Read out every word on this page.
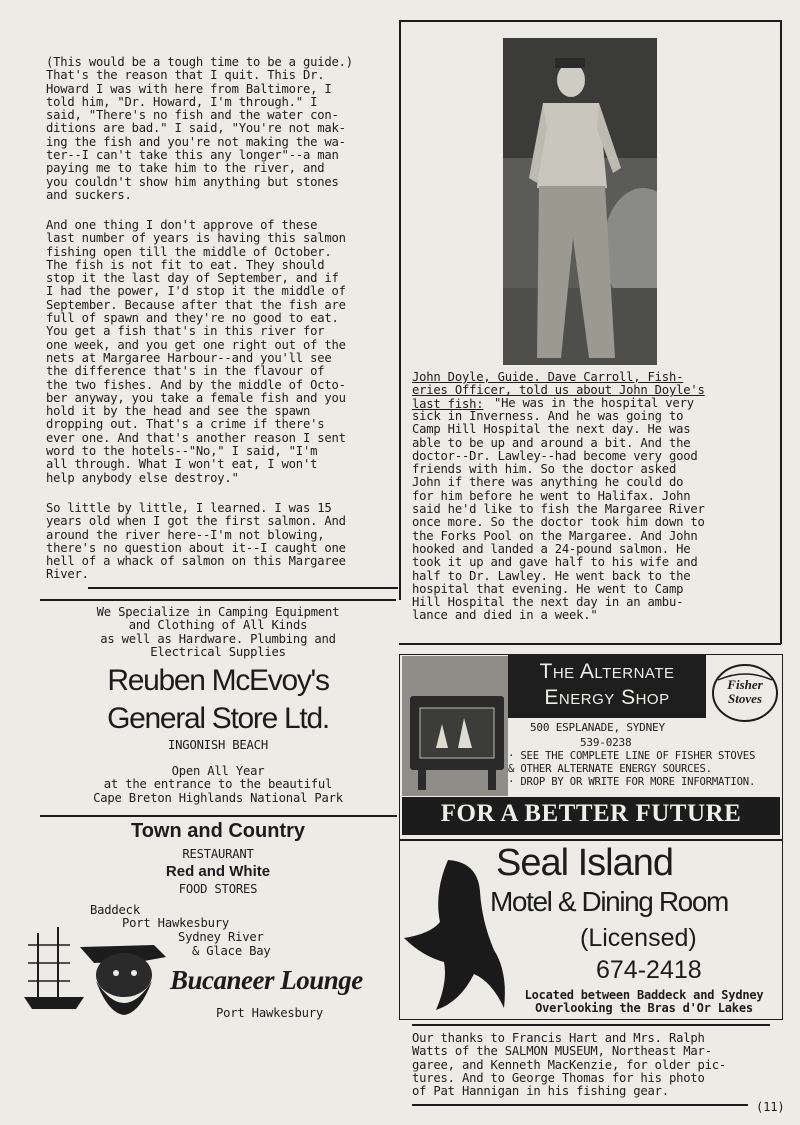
(This would be a tough time to be a guide.)
That's the reason that I quit. This Dr.
Howard I was with here from Baltimore, I
told him, "Dr. Howard, I'm through." I
said, "There's no fish and the water con-
ditions are bad." I said, "You're not mak-
ing the fish and you're not making the wa-
ter--I can't take this any longer"--a man
paying me to take him to the river, and
you couldn't show him anything but stones
and suckers.
And one thing I don't approve of these
last number of years is having this salmon
fishing open till the middle of October.
The fish is not fit to eat. They should
stop it the last day of September, and if
I had the power, I'd stop it the middle of
September. Because after that the fish are
full of spawn and they're no good to eat.
You get a fish that's in this river for
one week, and you get one right out of the
nets at Margaree Harbour--and you'll see
the difference that's in the flavour of
the two fishes. And by the middle of Octo-
ber anyway, you take a female fish and you
hold it by the head and see the spawn
dropping out. That's a crime if there's
ever one. And that's another reason I sent
word to the hotels--"No," I said, "I'm
all through. What I won't eat, I won't
help anybody else destroy."
So little by little, I learned. I was 15
years old when I got the first salmon. And
around the river here--I'm not blowing,
there's no question about it--I caught one
hell of a whack of salmon on this Margaree
River.
John Doyle, Guide. Dave Carroll, Fish-
eries Officer, told us about John Doyle's
last fish: "He was in the hospital very
sick in Inverness. And he was going to
Camp Hill Hospital the next day. He was
able to be up and around a bit. And the
doctor--Dr. Lawley--had become very good
friends with him. So the doctor asked
John if there was anything he could do
for him before he went to Halifax. John
said he'd like to fish the Margaree River
once more. So the doctor took him down to
the Forks Pool on the Margaree. And John
hooked and landed a 24-pound salmon. He
took it up and gave half to his wife and
half to Dr. Lawley. He went back to the
hospital that evening. He went to Camp
Hill Hospital the next day in an ambu-
lance and died in a week."
We Specialize in Camping Equipment
and Clothing of All Kinds
as well as Hardware. Plumbing and
Electrical Supplies
Reuben McEvoy's
General Store Ltd.
INGONISH BEACH
Open All Year
at the entrance to the beautiful
Cape Breton Highlands National Park
Town and Country
RESTAURANT
Red and White
FOOD STORES
Baddeck
Port Hawkesbury
Sydney River
& Glace Bay
Bucaneer Lounge
Port Hawkesbury
The Alternate
Energy Shop
Fisher Stoves
500 ESPLANADE, SYDNEY
539-0238
· SEE THE COMPLETE LINE OF FISHER STOVES
& OTHER ALTERNATE ENERGY SOURCES.
· DROP BY OR WRITE FOR MORE INFORMATION.
FOR A BETTER FUTURE
Seal Island
Motel & Dining Room
(Licensed)
674-2418
Located between Baddeck and Sydney
Overlooking the Bras d'Or Lakes
Our thanks to Francis Hart and Mrs. Ralph
Watts of the SALMON MUSEUM, Northeast Mar-
garee, and Kenneth MacKenzie, for older pic-
tures. And to George Thomas for his photo
of Pat Hannigan in his fishing gear.
(11)
